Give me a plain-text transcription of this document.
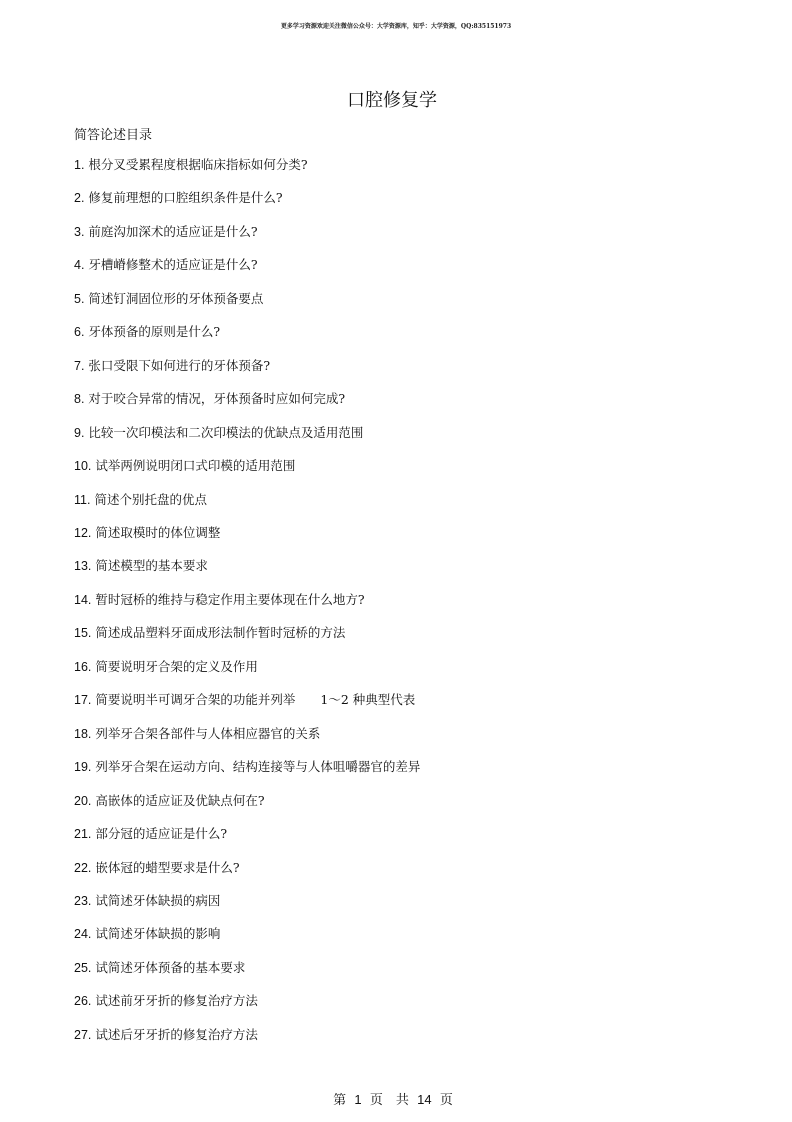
更多学习资源欢迎关注微信公众号：大学资源库，知乎：大学资源，QQ:835151973
口腔修复学
简答论述目录
1. 根分叉受累程度根据临床指标如何分类?
2. 修复前理想的口腔组织条件是什么?
3. 前庭沟加深术的适应证是什么?
4. 牙槽嵴修整术的适应证是什么?
5. 简述钉洞固位形的牙体预备要点
6. 牙体预备的原则是什么?
7. 张口受限下如何进行的牙体预备?
8. 对于咬合异常的情况，牙体预备时应如何完成?
9. 比较一次印模法和二次印模法的优缺点及适用范围
10. 试举两例说明闭口式印模的适用范围
11. 简述个别托盘的优点
12. 简述取模时的体位调整
13. 简述模型的基本要求
14. 暂时冠桥的维持与稳定作用主要体现在什么地方?
15. 简述成品塑料牙面成形法制作暂时冠桥的方法
16. 简要说明牙合架的定义及作用
17. 简要说明半可调牙合架的功能并列举　　1～2 种典型代表
18. 列举牙合架各部件与人体相应器官的关系
19. 列举牙合架在运动方向、结构连接等与人体咀嚼器官的差异
20. 高嵌体的适应证及优缺点何在?
21. 部分冠的适应证是什么?
22. 嵌体冠的蜡型要求是什么?
23. 试简述牙体缺损的病因
24. 试简述牙体缺损的影响
25. 试简述牙体预备的基本要求
26. 试述前牙牙折的修复治疗方法
27. 试述后牙牙折的修复治疗方法
第 1 页　共 14 页
